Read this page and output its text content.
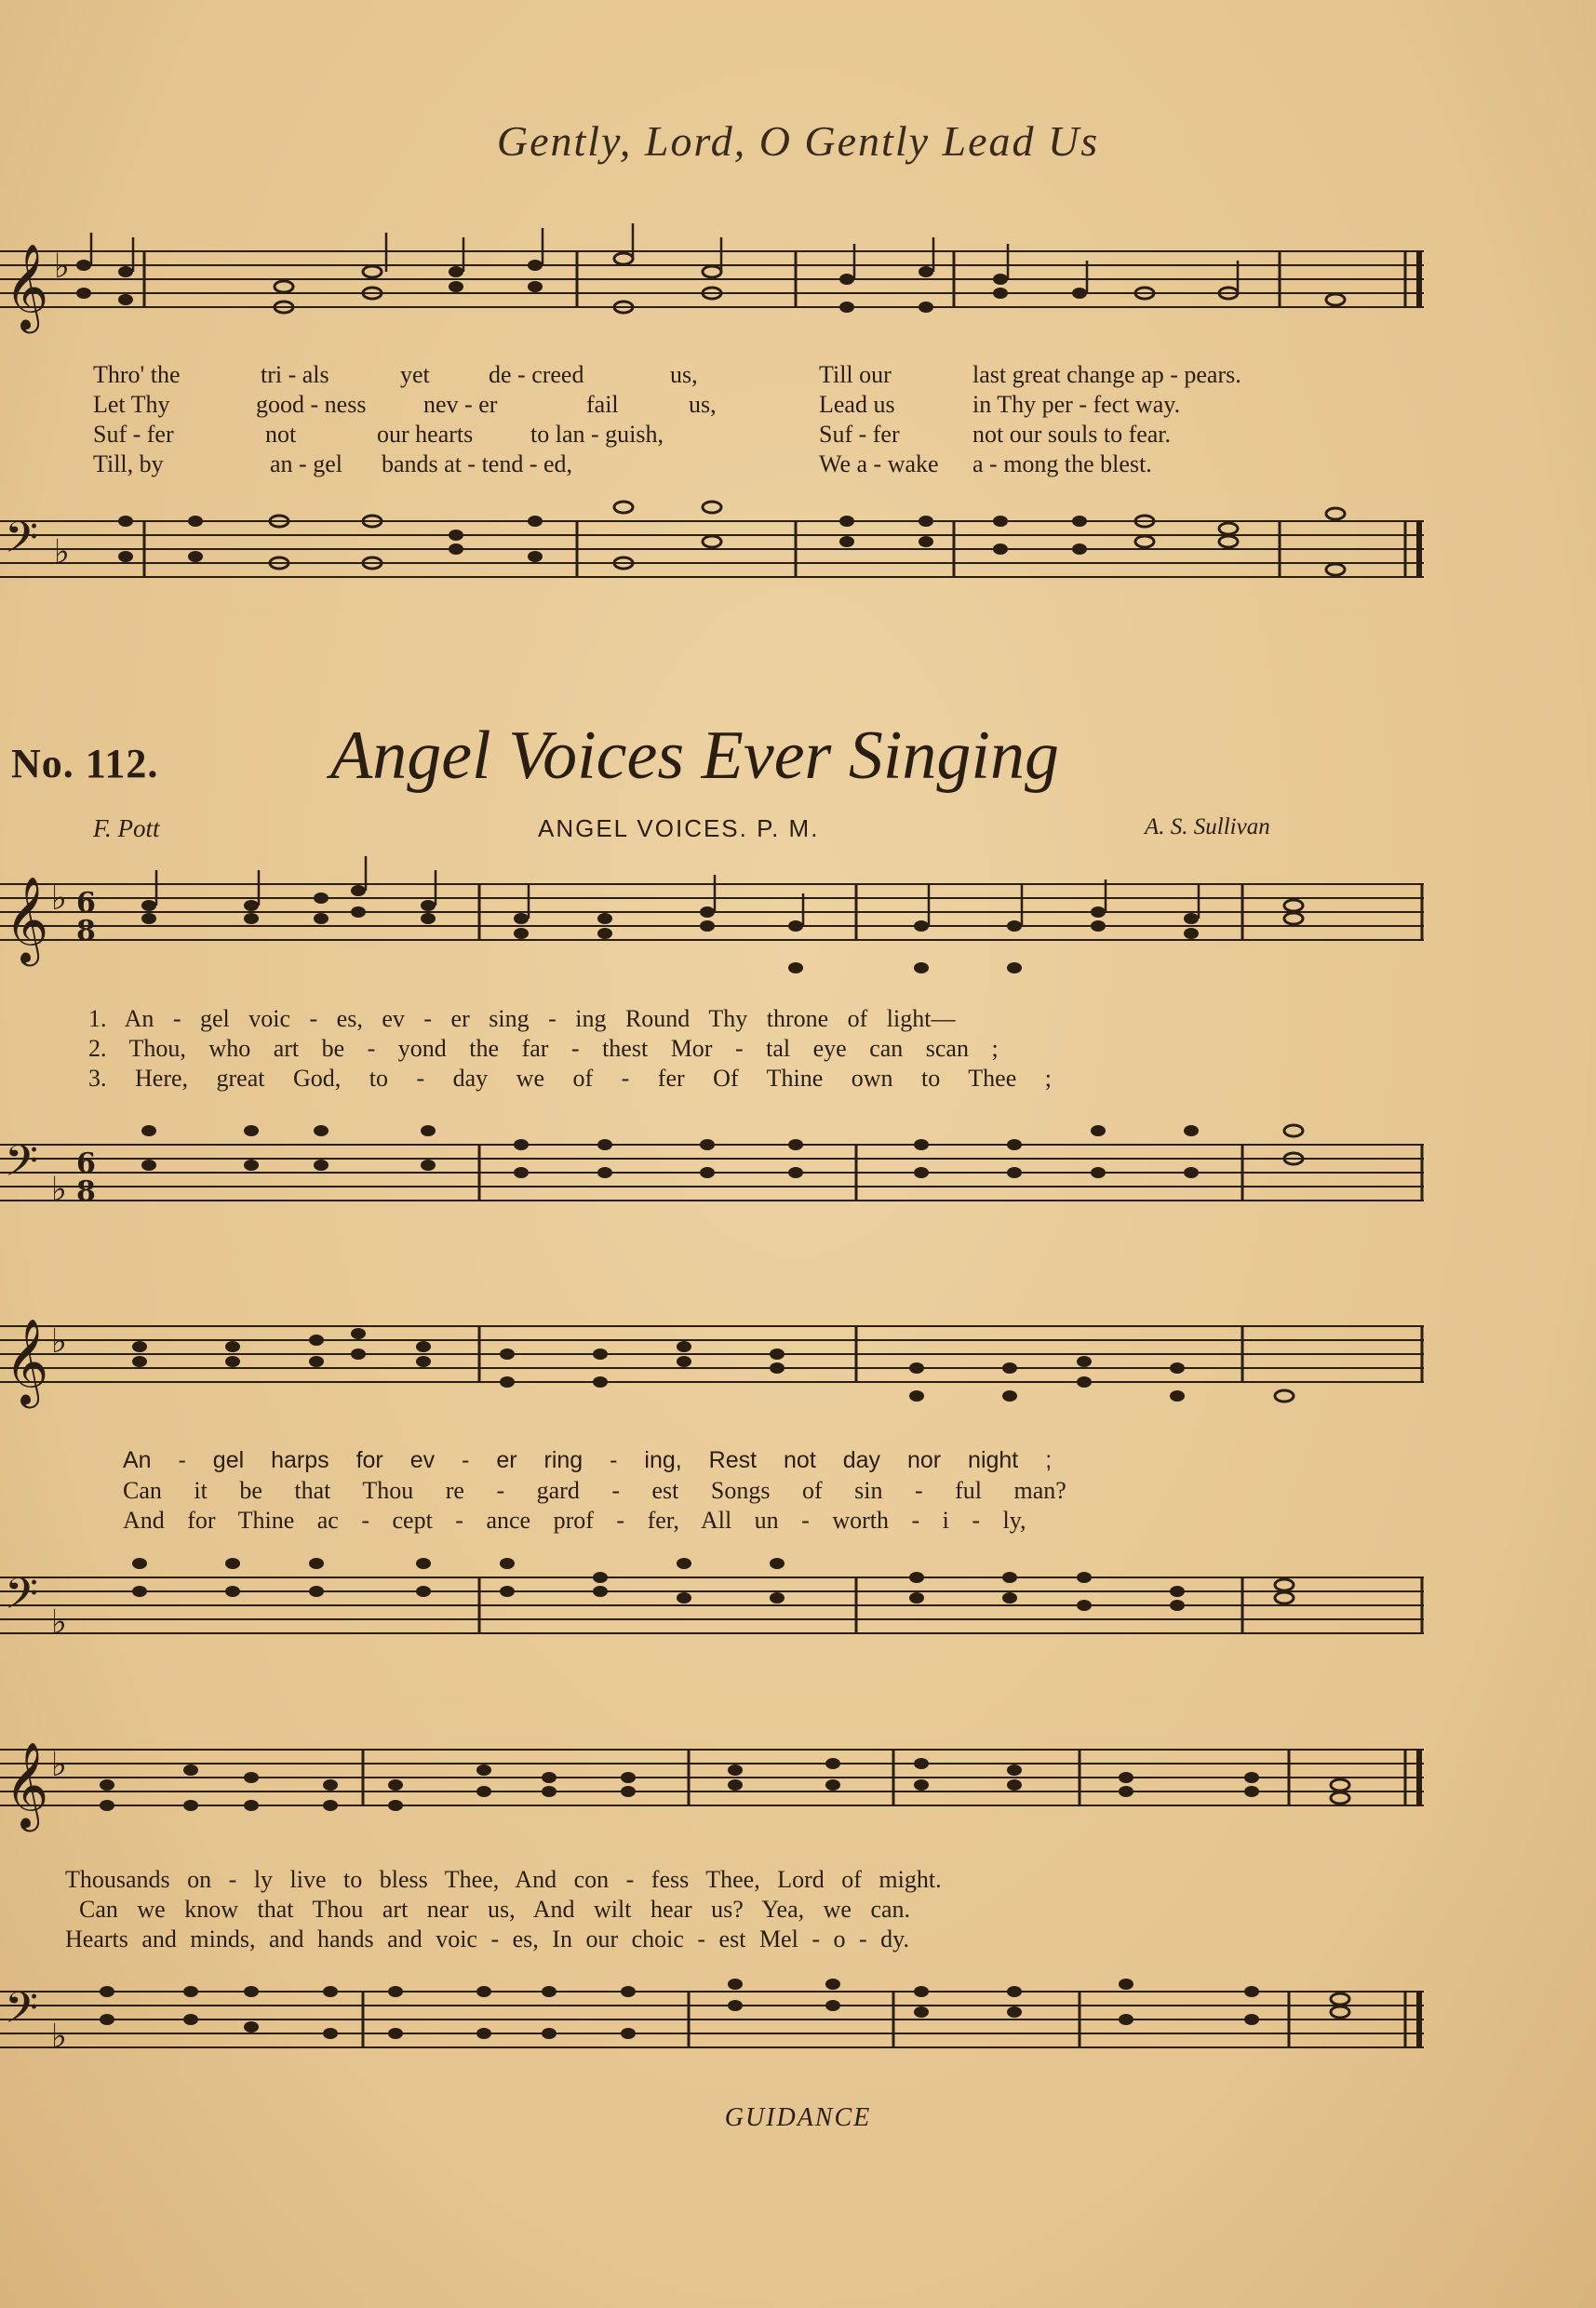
Gently, Lord, O Gently Lead Us
𝄞 ♭
Thro' the	tri - als	yet de - creed	us,	Till our	last great change ap - pears.
Let Thy	good - ness nev - er	fail	us,	Lead us	in Thy per - fect way.
Suf - fer	not	our hearts to lan - guish,	Suf - fer	not our souls to fear.
Till, by	an - gel bands at - tend - ed,	We a - wake a - mong the blest.
𝄢 ♭
No. 112. Angel Voices Ever Singing
F. Pott	ANGEL VOICES. P. M.	A. S. Sullivan
𝄞 ♭ 6
8
1. An - gel voic - es, ev - er sing - ing Round Thy throne of light—
2. Thou, who art be - yond the far - thest Mor - tal eye can scan ;
3. Here, great God, to - day we of - fer Of Thine own to Thee ;
𝄢 ♭
6
8
𝄞 ♭
An - gel harps for ev - er ring - ing, Rest not day nor night ;
Can it be that Thou re - gard - est Songs of sin - ful man?
And for Thine ac - cept - ance prof - fer, All un - worth - i - ly,
𝄢 ♭
𝄞 ♭
Thousands on - ly live to bless Thee, And con - fess Thee, Lord of might.
Can we know that Thou art near us, And wilt hear us? Yea, we can.
Hearts and minds, and hands and voic - es, In our choic - est Mel - o - dy.
𝄢 ♭
GUIDANCE
